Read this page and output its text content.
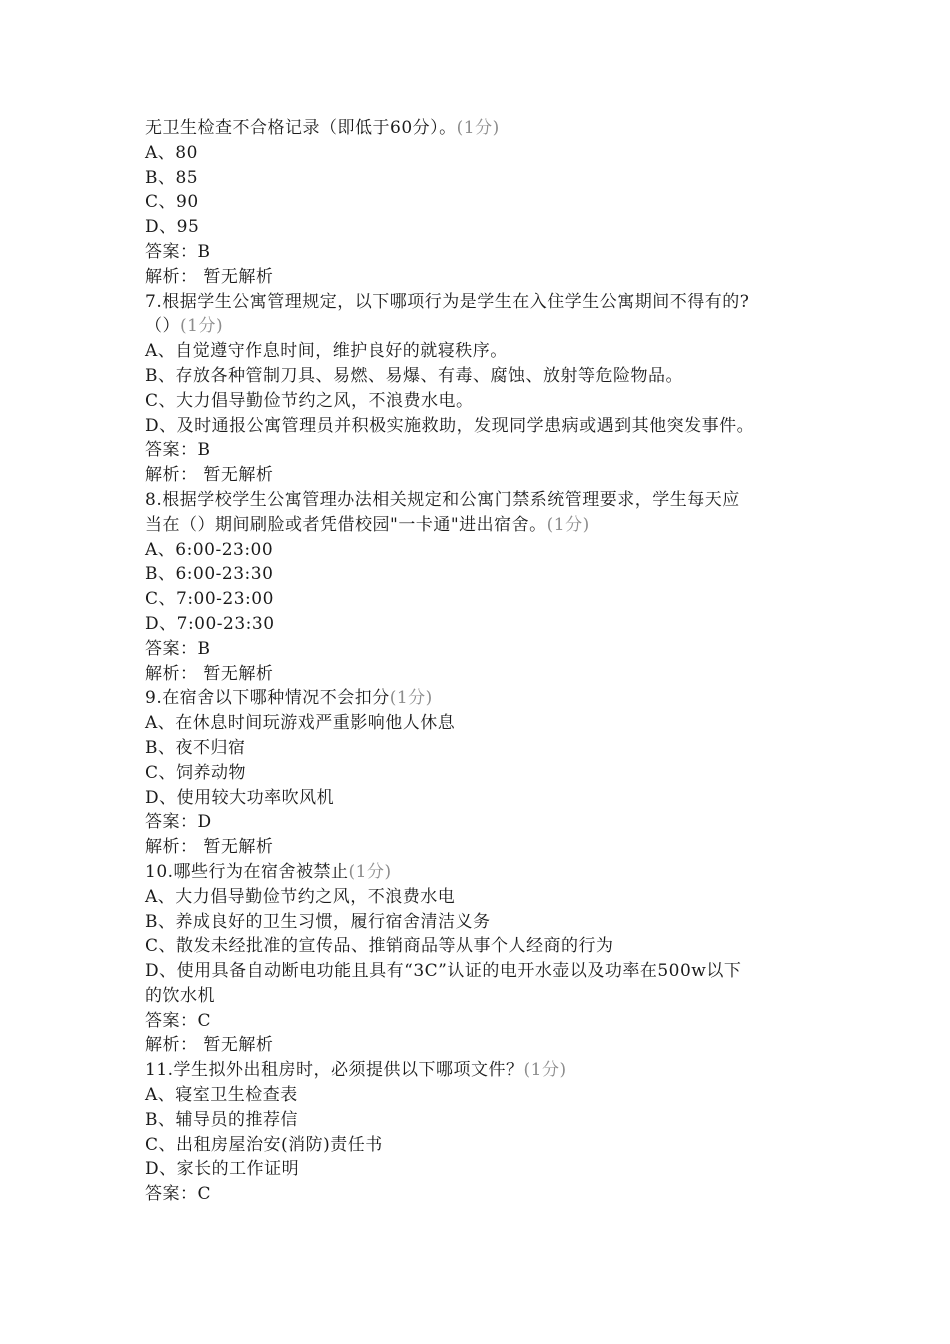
无卫生检查不合格记录（即低于60分）。(1分)
A、80
B、85
C、90
D、95
答案：B
解析： 暂无解析
7.根据学生公寓管理规定，以下哪项行为是学生在入住学生公寓期间不得有的?
（）(1分)
A、自觉遵守作息时间，维护良好的就寝秩序。
B、存放各种管制刀具、易燃、易爆、有毒、腐蚀、放射等危险物品。
C、大力倡导勤俭节约之风，不浪费水电。
D、及时通报公寓管理员并积极实施救助，发现同学患病或遇到其他突发事件。
答案：B
解析： 暂无解析
8.根据学校学生公寓管理办法相关规定和公寓门禁系统管理要求，学生每天应
当在（）期间刷脸或者凭借校园"一卡通"进出宿舍。(1分)
A、6:00-23:00
B、6:00-23:30
C、7:00-23:00
D、7:00-23:30
答案：B
解析： 暂无解析
9.在宿舍以下哪种情况不会扣分(1分)
A、在休息时间玩游戏严重影响他人休息
B、夜不归宿
C、饲养动物
D、使用较大功率吹风机
答案：D
解析： 暂无解析
10.哪些行为在宿舍被禁止(1分)
A、大力倡导勤俭节约之风，不浪费水电
B、养成良好的卫生习惯，履行宿舍清洁义务
C、散发未经批准的宣传品、推销商品等从事个人经商的行为
D、使用具备自动断电功能且具有“3C”认证的电开水壶以及功率在500w以下
的饮水机
答案：C
解析： 暂无解析
11.学生拟外出租房时，必须提供以下哪项文件？(1分)
A、寝室卫生检查表
B、辅导员的推荐信
C、出租房屋治安(消防)责任书
D、家长的工作证明
答案：C
